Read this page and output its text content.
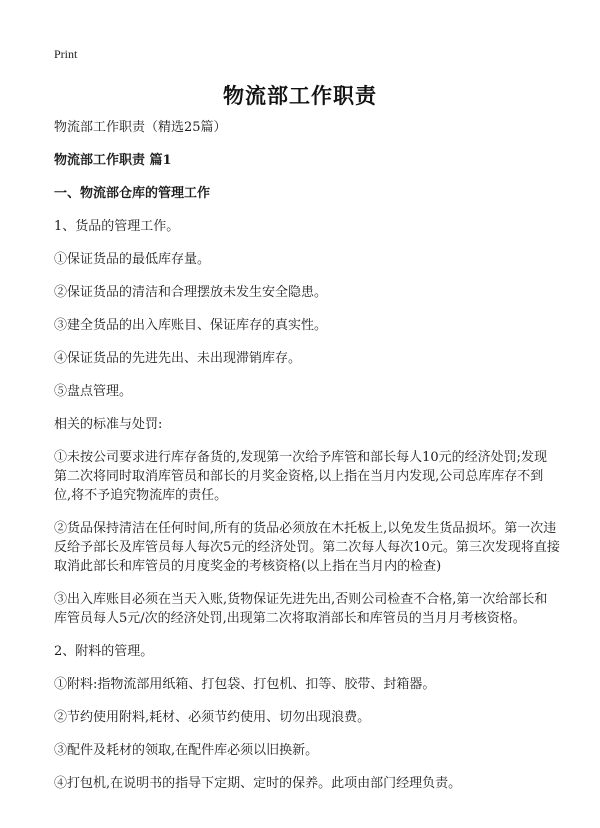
Print
物流部工作职责

物流部工作职责（精选25篇）

物流部工作职责 篇1

一、物流部仓库的管理工作

1、货品的管理工作。

①保证货品的最低库存量。

②保证货品的清洁和合理摆放未发生安全隐患。

③建全货品的出入库账目、保证库存的真实性。

④保证货品的先进先出、未出现滞销库存。

⑤盘点管理。

相关的标准与处罚:

①未按公司要求进行库存备货的,发现第一次给予库管和部长每人10元的经济处罚;发现第二次将同时取消库管员和部长的月奖金资格,以上指在当月内发现,公司总库库存不到位,将不予追究物流库的责任。

②货品保持清洁在任何时间,所有的货品必须放在木托板上,以免发生货品损坏。第一次违反给予部长及库管员每人每次5元的经济处罚。第二次每人每次10元。第三次发现将直接取消此部长和库管员的月度奖金的考核资格(以上指在当月内的检查)

③出入库账目必须在当天入账,货物保证先进先出,否则公司检查不合格,第一次给部长和库管员每人5元/次的经济处罚,出现第二次将取消部长和库管员的当月月考核资格。

2、附料的管理。

①附料:指物流部用纸箱、打包袋、打包机、扣等、胶带、封箱器。

②节约使用附料,耗材、必须节约使用、切勿出现浪费。

③配件及耗材的领取,在配件库必须以旧换新。

④打包机,在说明书的指导下定期、定时的保养。此项由部门经理负责。
